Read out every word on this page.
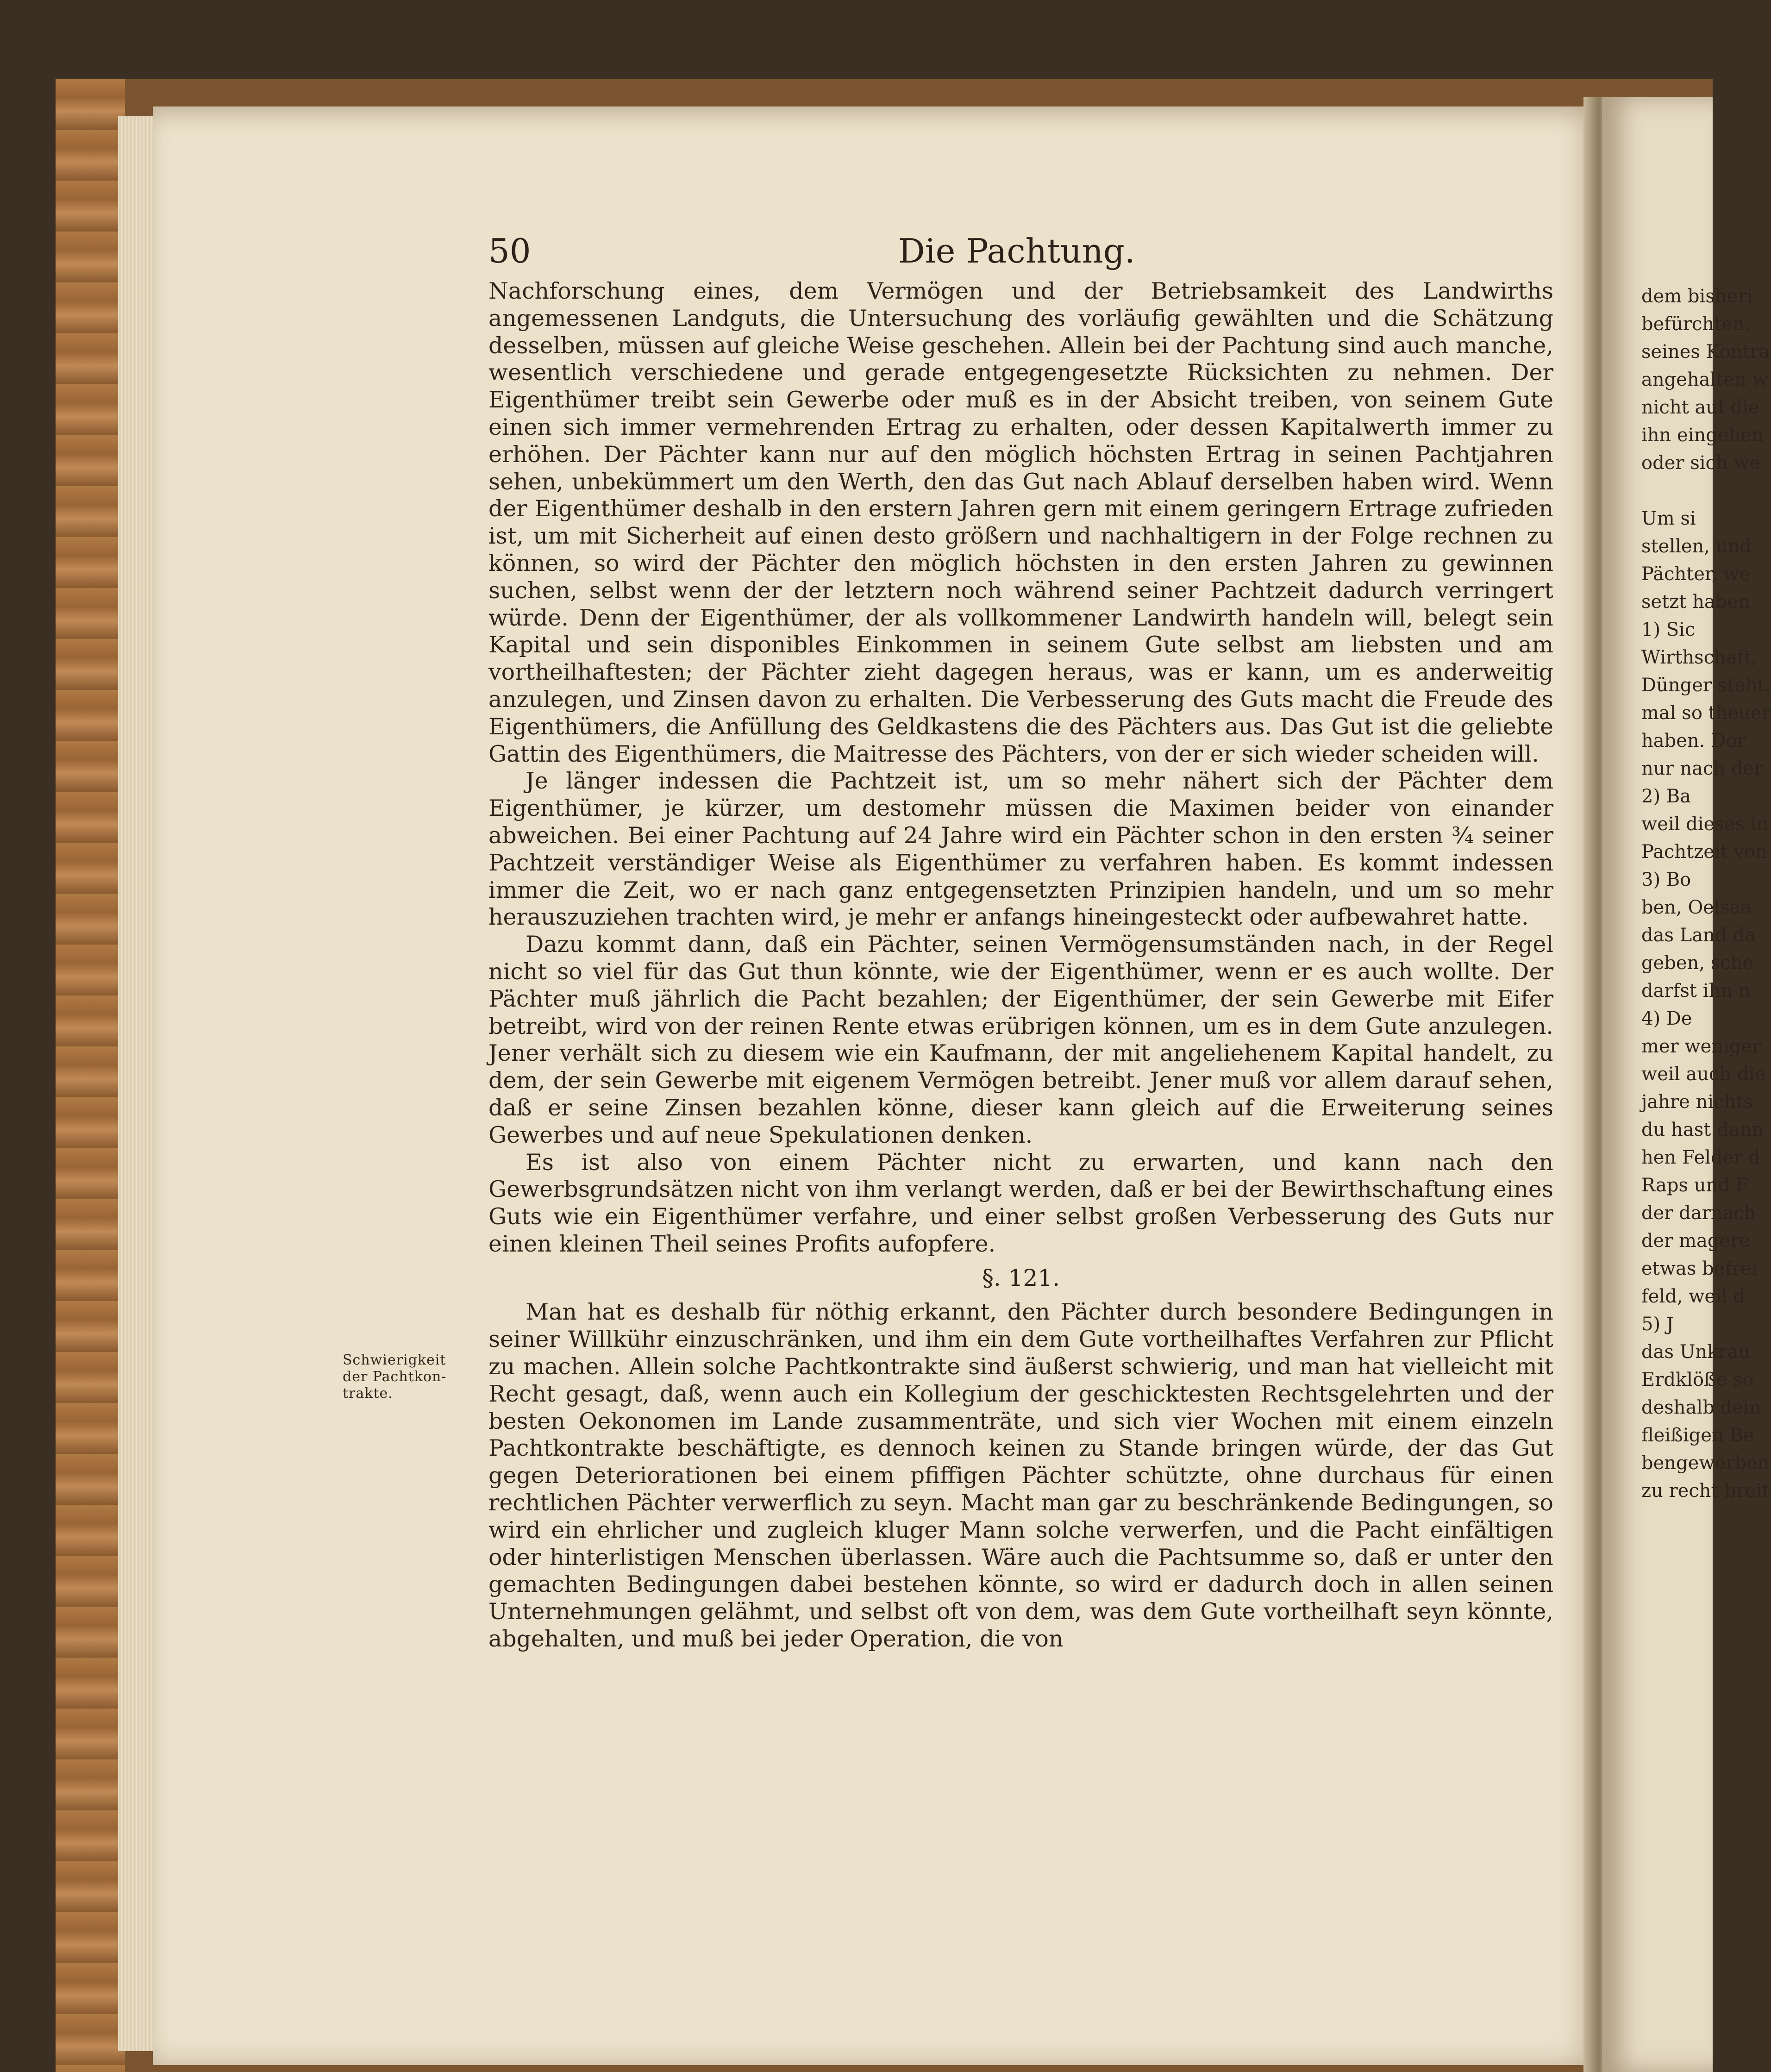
50	Die Pachtung.

Nachforschung eines, dem Vermögen und der Betriebsamkeit des Landwirths angemessenen Landguts, die Untersuchung des vorläufig gewählten und die Schätzung desselben, müssen auf gleiche Weise geschehen. Allein bei der Pachtung sind auch manche, wesentlich verschiedene und gerade entgegengesetzte Rücksichten zu nehmen. Der Eigenthümer treibt sein Gewerbe oder muß es in der Absicht treiben, von seinem Gute einen sich immer vermehrenden Ertrag zu erhalten, oder dessen Kapitalwerth immer zu erhöhen. Der Pächter kann nur auf den möglich höchsten Ertrag in seinen Pachtjahren sehen, unbekümmert um den Werth, den das Gut nach Ablauf derselben haben wird. Wenn der Eigenthümer deshalb in den erstern Jahren gern mit einem geringern Ertrage zufrieden ist, um mit Sicherheit auf einen desto größern und nachhaltigern in der Folge rechnen zu können, so wird der Pächter den möglich höchsten in den ersten Jahren zu gewinnen suchen, selbst wenn der der letztern noch während seiner Pachtzeit dadurch verringert würde. Denn der Eigenthümer, der als vollkommener Landwirth handeln will, belegt sein Kapital und sein disponibles Einkommen in seinem Gute selbst am liebsten und am vortheilhaftesten; der Pächter zieht dagegen heraus, was er kann, um es anderweitig anzulegen, und Zinsen davon zu erhalten. Die Verbesserung des Guts macht die Freude des Eigenthümers, die Anfüllung des Geldkastens die des Pächters aus. Das Gut ist die geliebte Gattin des Eigenthümers, die Maitresse des Pächters, von der er sich wieder scheiden will.

Je länger indessen die Pachtzeit ist, um so mehr nähert sich der Pächter dem Eigenthümer, je kürzer, um destomehr müssen die Maximen beider von einander abweichen. Bei einer Pachtung auf 24 Jahre wird ein Pächter schon in den ersten ¾ seiner Pachtzeit verständiger Weise als Eigenthümer zu verfahren haben. Es kommt indessen immer die Zeit, wo er nach ganz entgegensetzten Prinzipien handeln, und um so mehr herauszuziehen trachten wird, je mehr er anfangs hineingesteckt oder aufbewahret hatte.

Dazu kommt dann, daß ein Pächter, seinen Vermögensumständen nach, in der Regel nicht so viel für das Gut thun könnte, wie der Eigenthümer, wenn er es auch wollte. Der Pächter muß jährlich die Pacht bezahlen; der Eigenthümer, der sein Gewerbe mit Eifer betreibt, wird von der reinen Rente etwas erübrigen können, um es in dem Gute anzulegen. Jener verhält sich zu diesem wie ein Kaufmann, der mit angeliehenem Kapital handelt, zu dem, der sein Gewerbe mit eigenem Vermögen betreibt. Jener muß vor allem darauf sehen, daß er seine Zinsen bezahlen könne, dieser kann gleich auf die Erweiterung seines Gewerbes und auf neue Spekulationen denken.

Es ist also von einem Pächter nicht zu erwarten, und kann nach den Gewerbsgrundsätzen nicht von ihm verlangt werden, daß er bei der Bewirthschaftung eines Guts wie ein Eigenthümer verfahre, und einer selbst großen Verbesserung des Guts nur einen kleinen Theil seines Profits aufopfere.

§. 121.

Man hat es deshalb für nöthig erkannt, den Pächter durch besondere Bedingungen in seiner Willkühr einzuschränken, und ihm ein dem Gute vortheilhaftes Verfahren zur Pflicht zu machen. Allein solche Pachtkontrakte sind äußerst schwierig, und man hat vielleicht mit Recht gesagt, daß, wenn auch ein Kollegium der geschicktesten Rechtsgelehrten und der besten Oekonomen im Lande zusammenträte, und sich vier Wochen mit einem einzeln Pachtkontrakte beschäftigte, es dennoch keinen zu Stande bringen würde, der das Gut gegen Deteriorationen bei einem pfiffigen Pächter schützte, ohne durchaus für einen rechtlichen Pächter verwerflich zu seyn. Macht man gar zu beschränkende Bedingungen, so wird ein ehrlicher und zugleich kluger Mann solche verwerfen, und die Pacht einfältigen oder hinterlistigen Menschen überlassen. Wäre auch die Pachtsumme so, daß er unter den gemachten Bedingungen dabei bestehen könnte, so wird er dadurch doch in allen seinen Unternehmungen gelähmt, und selbst oft von dem, was dem Gute vortheilhaft seyn könnte, abgehalten, und muß bei jeder Operation, die von

Schwierigkeit
der Pachtkon-
trakte.
dem bisheri
befürchten.
seines Kontra
angehalten w
nicht auf die
ihn eingehen
oder sich we
Um si
stellen, und
Pächter, we
setzt haben
1) Sic
Wirthschaft,
Dünger steht.
mal so theuer
haben. Dor
nur nach der
2) Ba
weil dieses in
Pachtzeit von
3) Bo
ben, Oelsaa
das Land da
geben, sche
darfst ihn n
4) De
mer weniger
weil auch die
jahre nichts
du hast dann
hen Felder d
Raps und F
der darnach
der magere
etwas befrei
feld, weil d
5) J
das Unkrau
Erdklöße so
deshalb dein
fleißigen Be
bengewerben
zu recht breit
